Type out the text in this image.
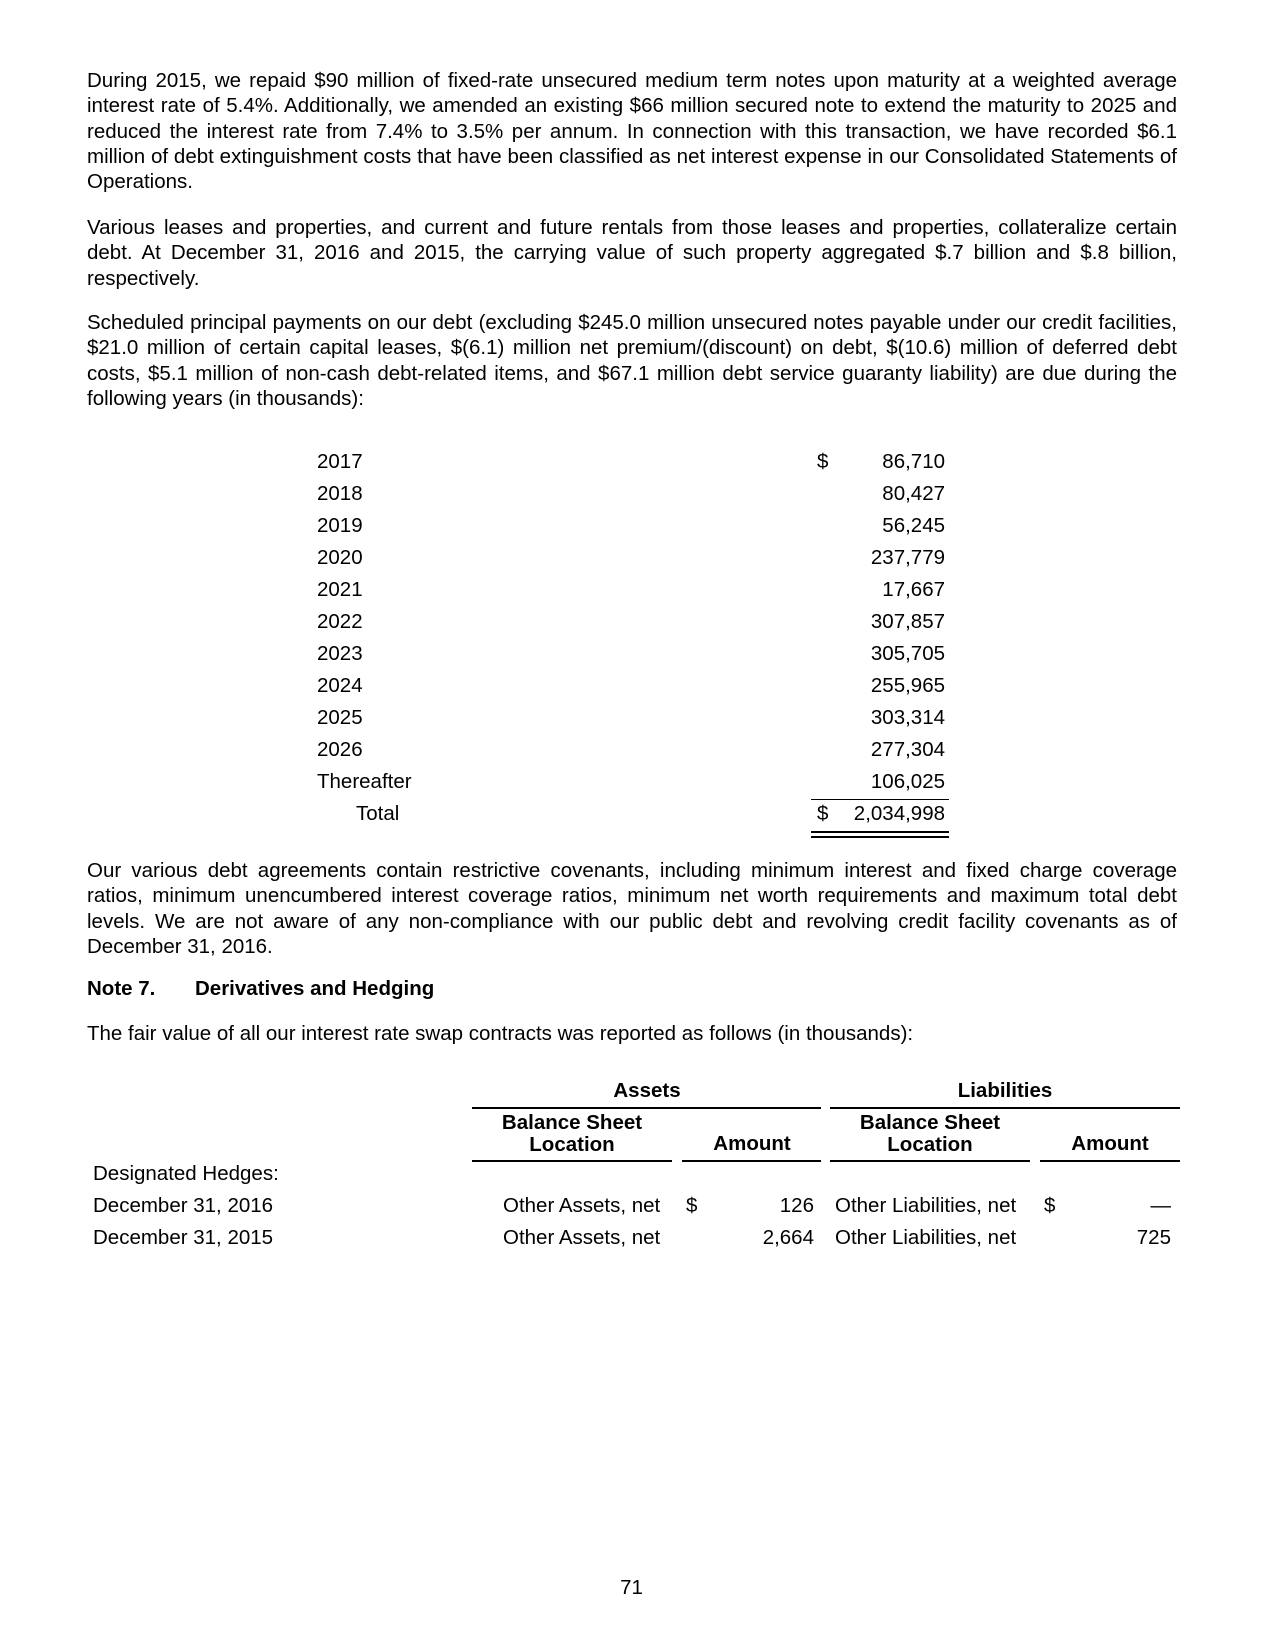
During 2015, we repaid $90 million of fixed-rate unsecured medium term notes upon maturity at a weighted average interest rate of 5.4%. Additionally, we amended an existing $66 million secured note to extend the maturity to 2025 and reduced the interest rate from 7.4% to 3.5% per annum. In connection with this transaction, we have recorded $6.1 million of debt extinguishment costs that have been classified as net interest expense in our Consolidated Statements of Operations.

Various leases and properties, and current and future rentals from those leases and properties, collateralize certain debt. At December 31, 2016 and 2015, the carrying value of such property aggregated $.7 billion and $.8 billion, respectively.

Scheduled principal payments on our debt (excluding $245.0 million unsecured notes payable under our credit facilities, $21.0 million of certain capital leases, $(6.1) million net premium/(discount) on debt, $(10.6) million of deferred debt costs, $5.1 million of non-cash debt-related items, and $67.1 million debt service guaranty liability) are due during the following years (in thousands):

2017	$	86,710
2018	80,427
2019	56,245
2020	237,779
2021	17,667
2022	307,857
2023	305,705
2024	255,965
2025	303,314
2026	277,304
Thereafter	106,025
Total	$ 2,034,998

Our various debt agreements contain restrictive covenants, including minimum interest and fixed charge coverage ratios, minimum unencumbered interest coverage ratios, minimum net worth requirements and maximum total debt levels. We are not aware of any non-compliance with our public debt and revolving credit facility covenants as of December 31, 2016.

Note 7. Derivatives and Hedging
The fair value of all our interest rate swap contracts was reported as follows (in thousands):
Assets	Liabilities
Balance Sheet
Location	Amount
Balance Sheet
Location	Amount
Designated Hedges:
December 31, 2016	Other Assets, net $	126 Other Liabilities, net $	—
December 31, 2015	Other Assets, net	2,664 Other Liabilities, net	725
71
